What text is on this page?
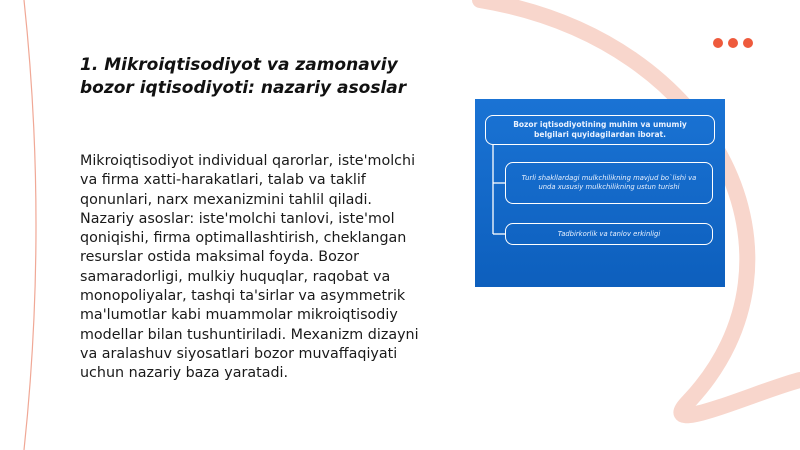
1. Mikroiqtisodiyot va zamonaviy bozor iqtisodiyoti: nazariy asoslar
Mikroiqtisodiyot individual qarorlar, iste'molchi va firma xatti-harakatlari, talab va taklif qonunlari, narx mexanizmini tahlil qiladi. Nazariy asoslar: iste'molchi tanlovi, iste'mol qoniqishi, firma optimallashtirish, cheklangan resurslar ostida maksimal foyda. Bozor samaradorligi, mulkiy huquqlar, raqobat va monopoliyalar, tashqi ta'sirlar va asymmetrik ma'lumotlar kabi muammolar mikroiqtisodiy modellar bilan tushuntiriladi. Mexanizm dizayni va aralashuv siyosatlari bozor muvaffaqiyati uchun nazariy baza yaratadi.
Bozor iqtisodiyotining muhim va umumiy belgilari quyidagilardan iborat.
Turli shakllardagi mulkchilikning mavjud bo`lishi va unda xususiy mulkchilikning ustun turishi
Tadbirkorlik va tanlov erkinligi
